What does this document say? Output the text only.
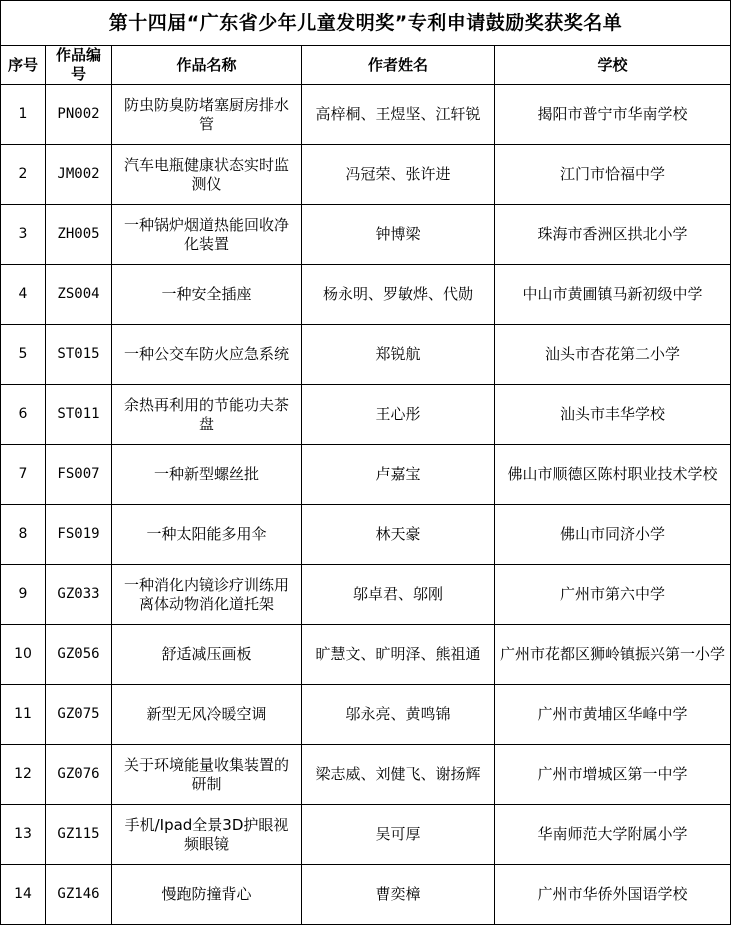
第十四届“广东省少年儿童发明奖”专利申请鼓励奖获奖名单				
序号	作品编号	作品名称	作者姓名	学校
1	PN002	防虫防臭防堵塞厨房排水管	高梓桐、王煜坚、江轩锐	揭阳市普宁市华南学校
2	JM002	汽车电瓶健康状态实时监测仪	冯冠荣、张许进	江门市恰福中学
3	ZH005	一种锅炉烟道热能回收净化装置	钟博梁	珠海市香洲区拱北小学
4	ZS004	一种安全插座	杨永明、罗敏烨、代勋	中山市黄圃镇马新初级中学
5	ST015	一种公交车防火应急系统	郑锐航	汕头市杏花第二小学
6	ST011	余热再利用的节能功夫茶盘	王心彤	汕头市丰华学校
7	FS007	一种新型螺丝批	卢嘉宝	佛山市顺德区陈村职业技术学校
8	FS019	一种太阳能多用伞	林天豪	佛山市同济小学
9	GZ033	一种消化内镜诊疗训练用离体动物消化道托架	邬卓君、邬刚	广州市第六中学
10	GZ056	舒适减压画板	旷慧文、旷明泽、熊祖通	广州市花都区狮岭镇振兴第一小学
11	GZ075	新型无风冷暖空调	邬永亮、黄鸣锦	广州市黄埔区华峰中学
12	GZ076	关于环境能量收集装置的研制	梁志威、刘健飞、谢扬辉	广州市增城区第一中学
13	GZ115	手机/Ipad全景3D护眼视频眼镜	吴可厚	华南师范大学附属小学
14	GZ146	慢跑防撞背心	曹奕樟	广州市华侨外国语学校
